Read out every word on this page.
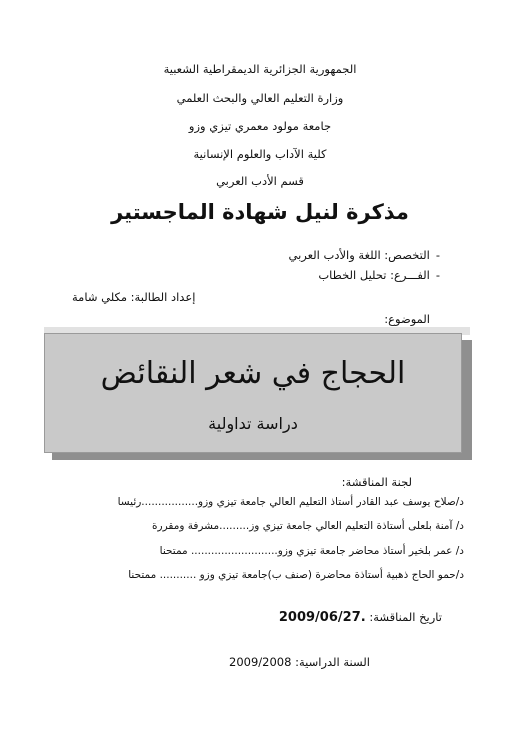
الجمهورية الجزائرية الديمقراطية الشعبية
وزارة التعليم العالي والبحث العلمي
جامعة مولود معمري تيزي وزو
كلية الآداب والعلوم الإنسانية
قسم الأدب العربي
مذكرة لنيل شهادة الماجستير
-التخصص: اللغة والأدب العربي
-الفـــرع: تحليل الخطاب
إعداد الطالبة: مكلي شامة
الموضوع:
الحجاج في شعر النقائض
دراسة تداولية
لجنة المناقشة:
د/صلاح يوسف عبد القادر أستاذ التعليم العالي جامعة تيزي وزو.................رئيسا
د/ آمنة بلعلى أستاذة التعليم العالي جامعة تيزي وز.........مشرفة ومقررة
د/ عمر بلخير أستاذ محاضر جامعة تيزي وزو.......................... ممتحنا
د/حمو الحاج ذهبية أستاذة محاضرة (صنف ب)جامعة تيزي وزو ........... ممتحنا
تاريخ المناقشة: 2009/06/27.
السنة الدراسية: 2009/2008
